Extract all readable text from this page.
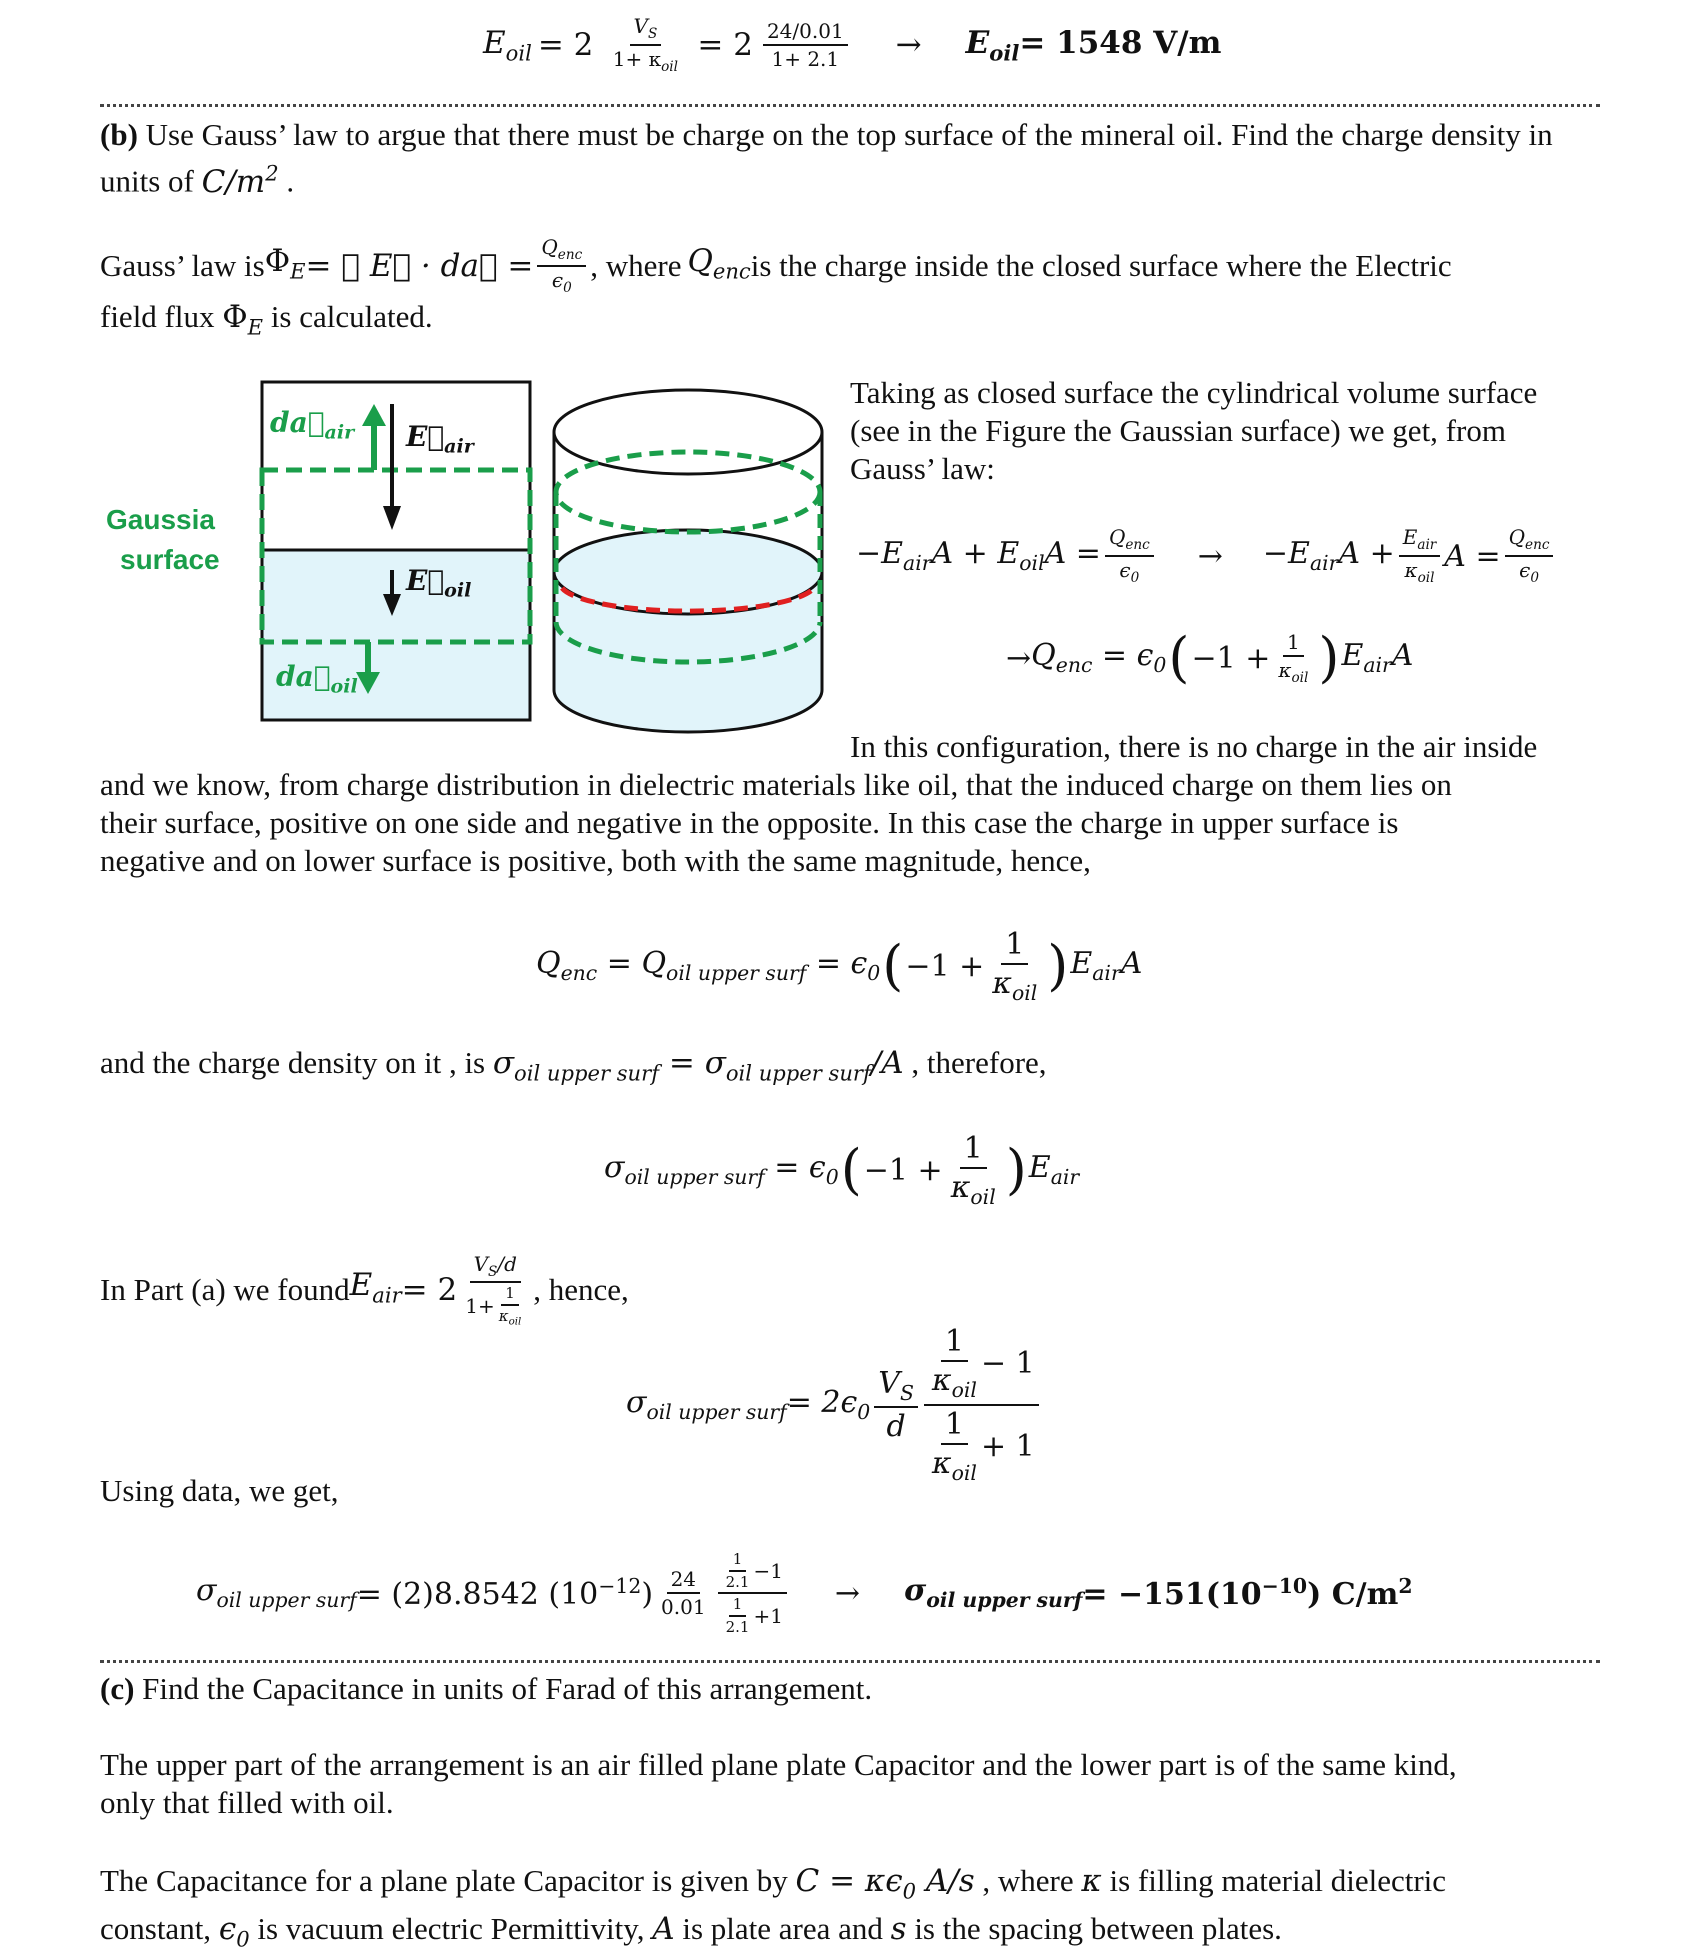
$E_{oil} = 2 \frac{V_S}{1+ \kappa_{oil}} = 2 \frac{24/0.01}{1+ 2.1} \to E_{oil}= 1548$ V/m
(b) Use Gauss’ law to argue that there must be charge on the top surface of the mineral oil. Find the charge density in units of $C/m^2$ .
Gauss’ law is $\Phi_E$ = ∯ E⃗ · da⃗ = $\frac{Q_{enc}}{\epsilon_0}$ , where $Q_{enc}$ is the charge inside the closed surface where the Electric
field flux $\Phi_E$ is calculated.
Gaussia
surface
$da⃗_{air}$ $E⃗_{air}$
$E⃗_{oil}$
$da⃗_{oil}$
Taking as closed surface the cylindrical volume surface
(see in the Figure the Gaussian surface) we get, from
Gauss’ law:
$-E_{air}A + E_{oil}A = \frac{Q_{enc}}{\epsilon_0} \to -E_{air}A + \frac{E_{air}}{\kappa_{oil}}$ $A = \frac{Q_{enc}}{\epsilon_0}$
→ $Q_{enc} = \epsilon_0$ ( $-1 + \frac{1}{\kappa_{oil}}$ ) $E_{air}A$
In this configuration, there is no charge in the air inside
and we know, from charge distribution in dielectric materials like oil, that the induced charge on them lies on
their surface, positive on one side and negative in the opposite. In this case the charge in upper surface is
negative and on lower surface is positive, both with the same magnitude, hence,
$Q_{enc} = Q_{oil upper surf} = \epsilon_0$ ( $-1 + \frac{1}{\kappa_{oil}}$ ) $E_{air}A$
and the charge density on it , is $\sigma_{oil upper surf} = \sigma_{oil upper surf}/A$ , therefore,
$\sigma_{oil upper surf} = \epsilon_0$ ( $-1 + \frac{1}{\kappa_{oil}}$ ) $E_{air}$
In Part (a) we found $E_{air} = 2 \frac{V_S/d}{1+ \frac{1}{\kappa_{oil}}}$ , hence,
$\sigma_{oil upper surf} = 2\epsilon_0 \frac{V_S}{d} \frac{\frac{1}{\kappa_{oil}} - 1}{\frac{1}{\kappa_{oil}} + 1}$
Using data, we get,
$\sigma_{oil upper surf} = (2)8.8542$ $(10^{-12}) \frac{24}{0.01} \frac{\frac{1}{2.1} -1}{\frac{1}{2.1} +1} \to \sigma_{oil upper surf} = -151(10^{-10})$ $C/m^2$
(c) Find the Capacitance in units of Farad of this arrangement.
The upper part of the arrangement is an air filled plane plate Capacitor and the lower part is of the same kind,
only that filled with oil.
The Capacitance for a plane plate Capacitor is given by $C = \kappa\epsilon_0$ A/s , where κ is filling material dielectric
constant, $\epsilon_0$ is vacuum electric Permittivity, A is plate area and s is the spacing between plates.
